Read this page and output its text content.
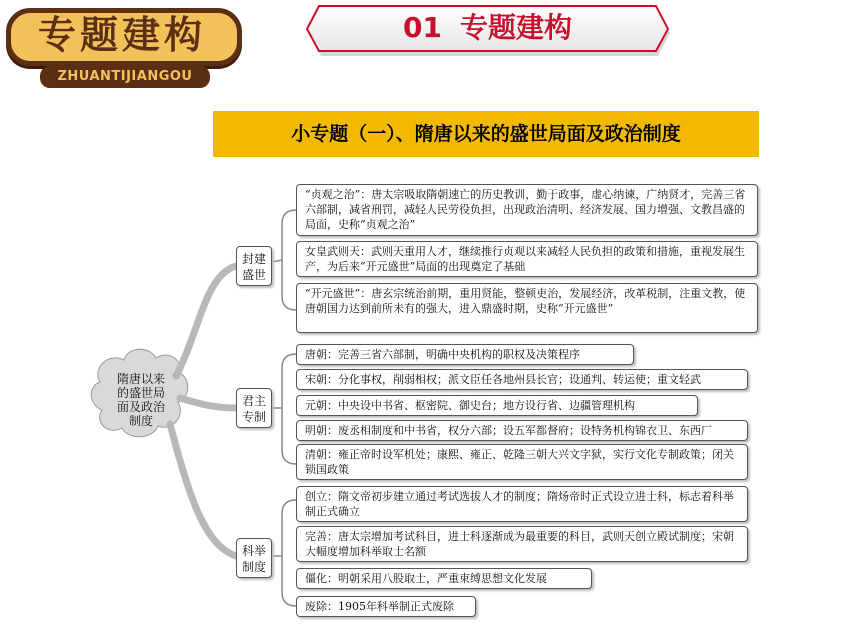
专题建构
ZHUANTIJIANGOU
01 专题建构
小专题（一）、隋唐以来的盛世局面及政治制度
隋唐以来
的盛世局
面及政治
制度
封建
盛世
“贞观之治”：唐太宗吸取隋朝速亡的历史教训，勤于政事，虚心纳谏，广纳贤才，完善三省六部制，减省刑罚，减轻人民劳役负担，出现政治清明、经济发展、国力增强、文教昌盛的局面，史称“贞观之治”
女皇武则天：武则天重用人才，继续推行贞观以来减轻人民负担的政策和措施，重视发展生产，为后来“开元盛世”局面的出现奠定了基础
“开元盛世”：唐玄宗统治前期，重用贤能，整顿吏治，发展经济，改革税制，注重文教，使唐朝国力达到前所未有的强大，进入鼎盛时期，史称“开元盛世”
君主
专制
唐朝：完善三省六部制，明确中央机构的职权及决策程序
宋朝：分化事权，削弱相权；派文臣任各地州县长官；设通判、转运使；重文轻武
元朝：中央设中书省、枢密院、御史台；地方设行省、边疆管理机构
明朝：废丞相制度和中书省，权分六部；设五军都督府；设特务机构锦衣卫、东西厂
清朝：雍正帝时设军机处；康熙、雍正、乾隆三朝大兴文字狱，实行文化专制政策；闭关锁国政策
科举
制度
创立：隋文帝初步建立通过考试选拔人才的制度；隋炀帝时正式设立进士科，标志着科举制正式确立
完善：唐太宗增加考试科目，进士科逐渐成为最重要的科目，武则天创立殿试制度；宋朝大幅度增加科举取士名额
僵化：明朝采用八股取士，严重束缚思想文化发展
废除：1905年科举制正式废除
